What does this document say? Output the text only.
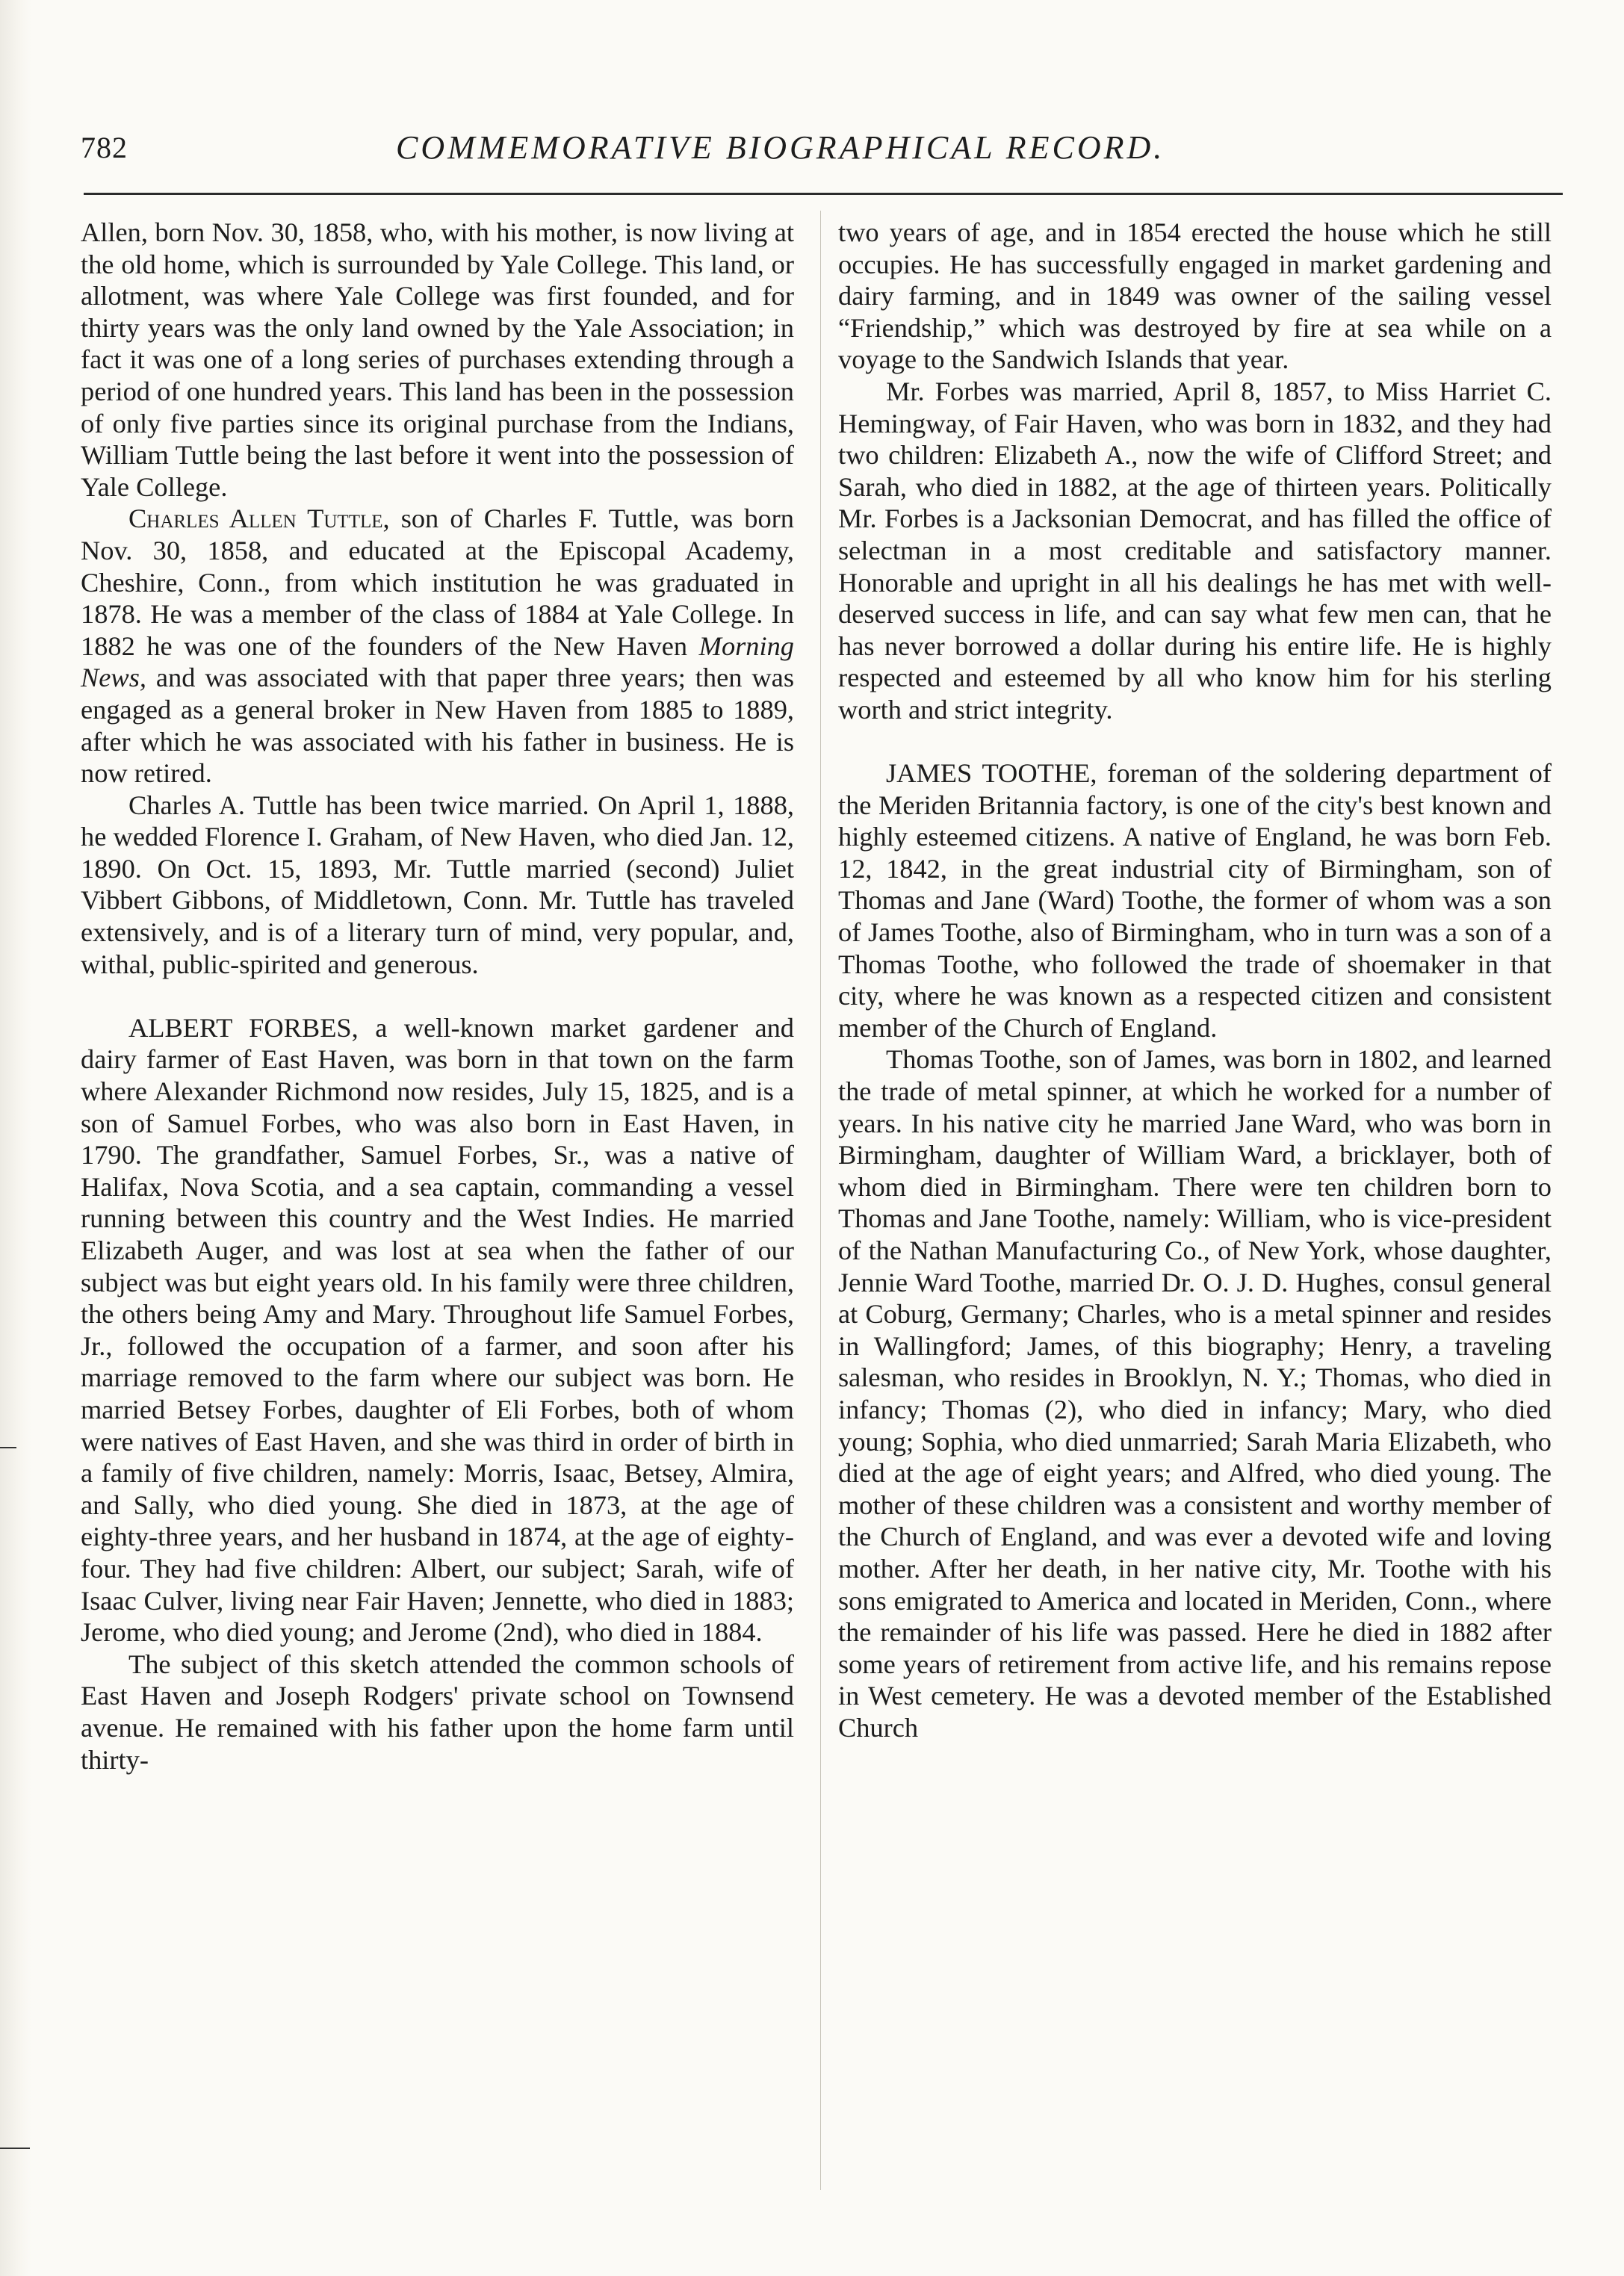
782	COMMEMORATIVE BIOGRAPHICAL RECORD.

Allen, born Nov. 30, 1858, who, with his mother, is now living at the old home, which is surrounded by Yale College. This land, or allotment, was where Yale College was first founded, and for thirty years was the only land owned by the Yale Association; in fact it was one of a long series of purchases extending through a period of one hundred years. This land has been in the possession of only five parties since its original purchase from the Indians, William Tuttle being the last before it went into the possession of Yale College.

Charles Allen Tuttle, son of Charles F. Tuttle, was born Nov. 30, 1858, and educated at the Episcopal Academy, Cheshire, Conn., from which institution he was graduated in 1878. He was a member of the class of 1884 at Yale College. In 1882 he was one of the founders of the New Haven Morning News, and was associated with that paper three years; then was engaged as a general broker in New Haven from 1885 to 1889, after which he was associated with his father in business. He is now retired.

Charles A. Tuttle has been twice married. On April 1, 1888, he wedded Florence I. Graham, of New Haven, who died Jan. 12, 1890. On Oct. 15, 1893, Mr. Tuttle married (second) Juliet Vibbert Gibbons, of Middletown, Conn. Mr. Tuttle has traveled extensively, and is of a literary turn of mind, very popular, and, withal, public-spirited and generous.

ALBERT FORBES, a well-known market gardener and dairy farmer of East Haven, was born in that town on the farm where Alexander Richmond now resides, July 15, 1825, and is a son of Samuel Forbes, who was also born in East Haven, in 1790. The grandfather, Samuel Forbes, Sr., was a native of Halifax, Nova Scotia, and a sea captain, commanding a vessel running between this country and the West Indies. He married Elizabeth Auger, and was lost at sea when the father of our subject was but eight years old. In his family were three children, the others being Amy and Mary. Throughout life Samuel Forbes, Jr., followed the occupation of a farmer, and soon after his marriage removed to the farm where our subject was born. He married Betsey Forbes, daughter of Eli Forbes, both of whom were natives of East Haven, and she was third in order of birth in a family of five children, namely: Morris, Isaac, Betsey, Almira, and Sally, who died young. She died in 1873, at the age of eighty-three years, and her husband in 1874, at the age of eighty-four. They had five children: Albert, our subject; Sarah, wife of Isaac Culver, living near Fair Haven; Jennette, who died in 1883; Jerome, who died young; and Jerome (2nd), who died in 1884.

The subject of this sketch attended the common schools of East Haven and Joseph Rodgers' private school on Townsend avenue. He remained with his father upon the home farm until thirty-

two years of age, and in 1854 erected the house which he still occupies. He has successfully engaged in market gardening and dairy farming, and in 1849 was owner of the sailing vessel “Friendship,” which was destroyed by fire at sea while on a voyage to the Sandwich Islands that year.

Mr. Forbes was married, April 8, 1857, to Miss Harriet C. Hemingway, of Fair Haven, who was born in 1832, and they had two children: Elizabeth A., now the wife of Clifford Street; and Sarah, who died in 1882, at the age of thirteen years. Politically Mr. Forbes is a Jacksonian Democrat, and has filled the office of selectman in a most creditable and satisfactory manner. Honorable and upright in all his dealings he has met with well-deserved success in life, and can say what few men can, that he has never borrowed a dollar during his entire life. He is highly respected and esteemed by all who know him for his sterling worth and strict integrity.

JAMES TOOTHE, foreman of the soldering department of the Meriden Britannia factory, is one of the city's best known and highly esteemed citizens. A native of England, he was born Feb. 12, 1842, in the great industrial city of Birmingham, son of Thomas and Jane (Ward) Toothe, the former of whom was a son of James Toothe, also of Birmingham, who in turn was a son of a Thomas Toothe, who followed the trade of shoemaker in that city, where he was known as a respected citizen and consistent member of the Church of England.

Thomas Toothe, son of James, was born in 1802, and learned the trade of metal spinner, at which he worked for a number of years. In his native city he married Jane Ward, who was born in Birmingham, daughter of William Ward, a bricklayer, both of whom died in Birmingham. There were ten children born to Thomas and Jane Toothe, namely: William, who is vice-president of the Nathan Manufacturing Co., of New York, whose daughter, Jennie Ward Toothe, married Dr. O. J. D. Hughes, consul general at Coburg, Germany; Charles, who is a metal spinner and resides in Wallingford; James, of this biography; Henry, a traveling salesman, who resides in Brooklyn, N. Y.; Thomas, who died in infancy; Thomas (2), who died in infancy; Mary, who died young; Sophia, who died unmarried; Sarah Maria Elizabeth, who died at the age of eight years; and Alfred, who died young. The mother of these children was a consistent and worthy member of the Church of England, and was ever a devoted wife and loving mother. After her death, in her native city, Mr. Toothe with his sons emigrated to America and located in Meriden, Conn., where the remainder of his life was passed. Here he died in 1882 after some years of retirement from active life, and his remains repose in West cemetery. He was a devoted member of the Established Church
